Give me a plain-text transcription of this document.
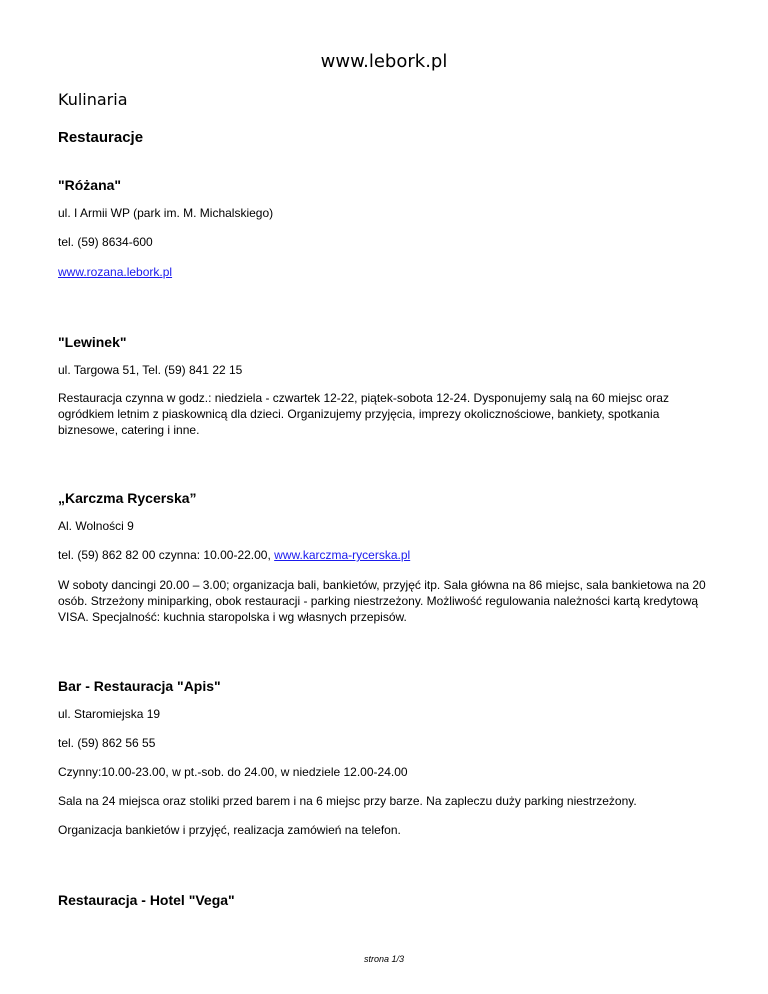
www.lebork.pl
Kulinaria
Restauracje
"Różana"
ul. I Armii WP (park im. M. Michalskiego)
tel. (59) 8634-600
www.rozana.lebork.pl
"Lewinek"
ul. Targowa 51, Tel. (59) 841 22 15
Restauracja czynna w godz.: niedziela - czwartek 12-22, piątek-sobota 12-24. Dysponujemy salą na 60 miejsc oraz ogródkiem letnim z piaskownicą dla dzieci. Organizujemy przyjęcia, imprezy okolicznościowe, bankiety, spotkania biznesowe, catering i inne.
„Karczma Rycerska”
Al. Wolności 9
tel. (59) 862 82 00 czynna: 10.00-22.00, www.karczma-rycerska.pl
W soboty dancingi 20.00 – 3.00; organizacja bali, bankietów, przyjęć itp. Sala główna na 86 miejsc, sala bankietowa na 20 osób. Strzeżony miniparking, obok restauracji - parking niestrzeżony. Możliwość regulowania należności kartą kredytową VISA. Specjalność: kuchnia staropolska i wg własnych przepisów.
Bar - Restauracja "Apis"
ul. Staromiejska 19
tel. (59) 862 56 55
Czynny:10.00-23.00, w pt.-sob. do 24.00, w niedziele 12.00-24.00
Sala na 24 miejsca oraz stoliki przed barem i na 6 miejsc przy barze. Na zapleczu duży parking niestrzeżony.
Organizacja bankietów i przyjęć, realizacja zamówień na telefon.
Restauracja - Hotel "Vega"
strona 1/3
